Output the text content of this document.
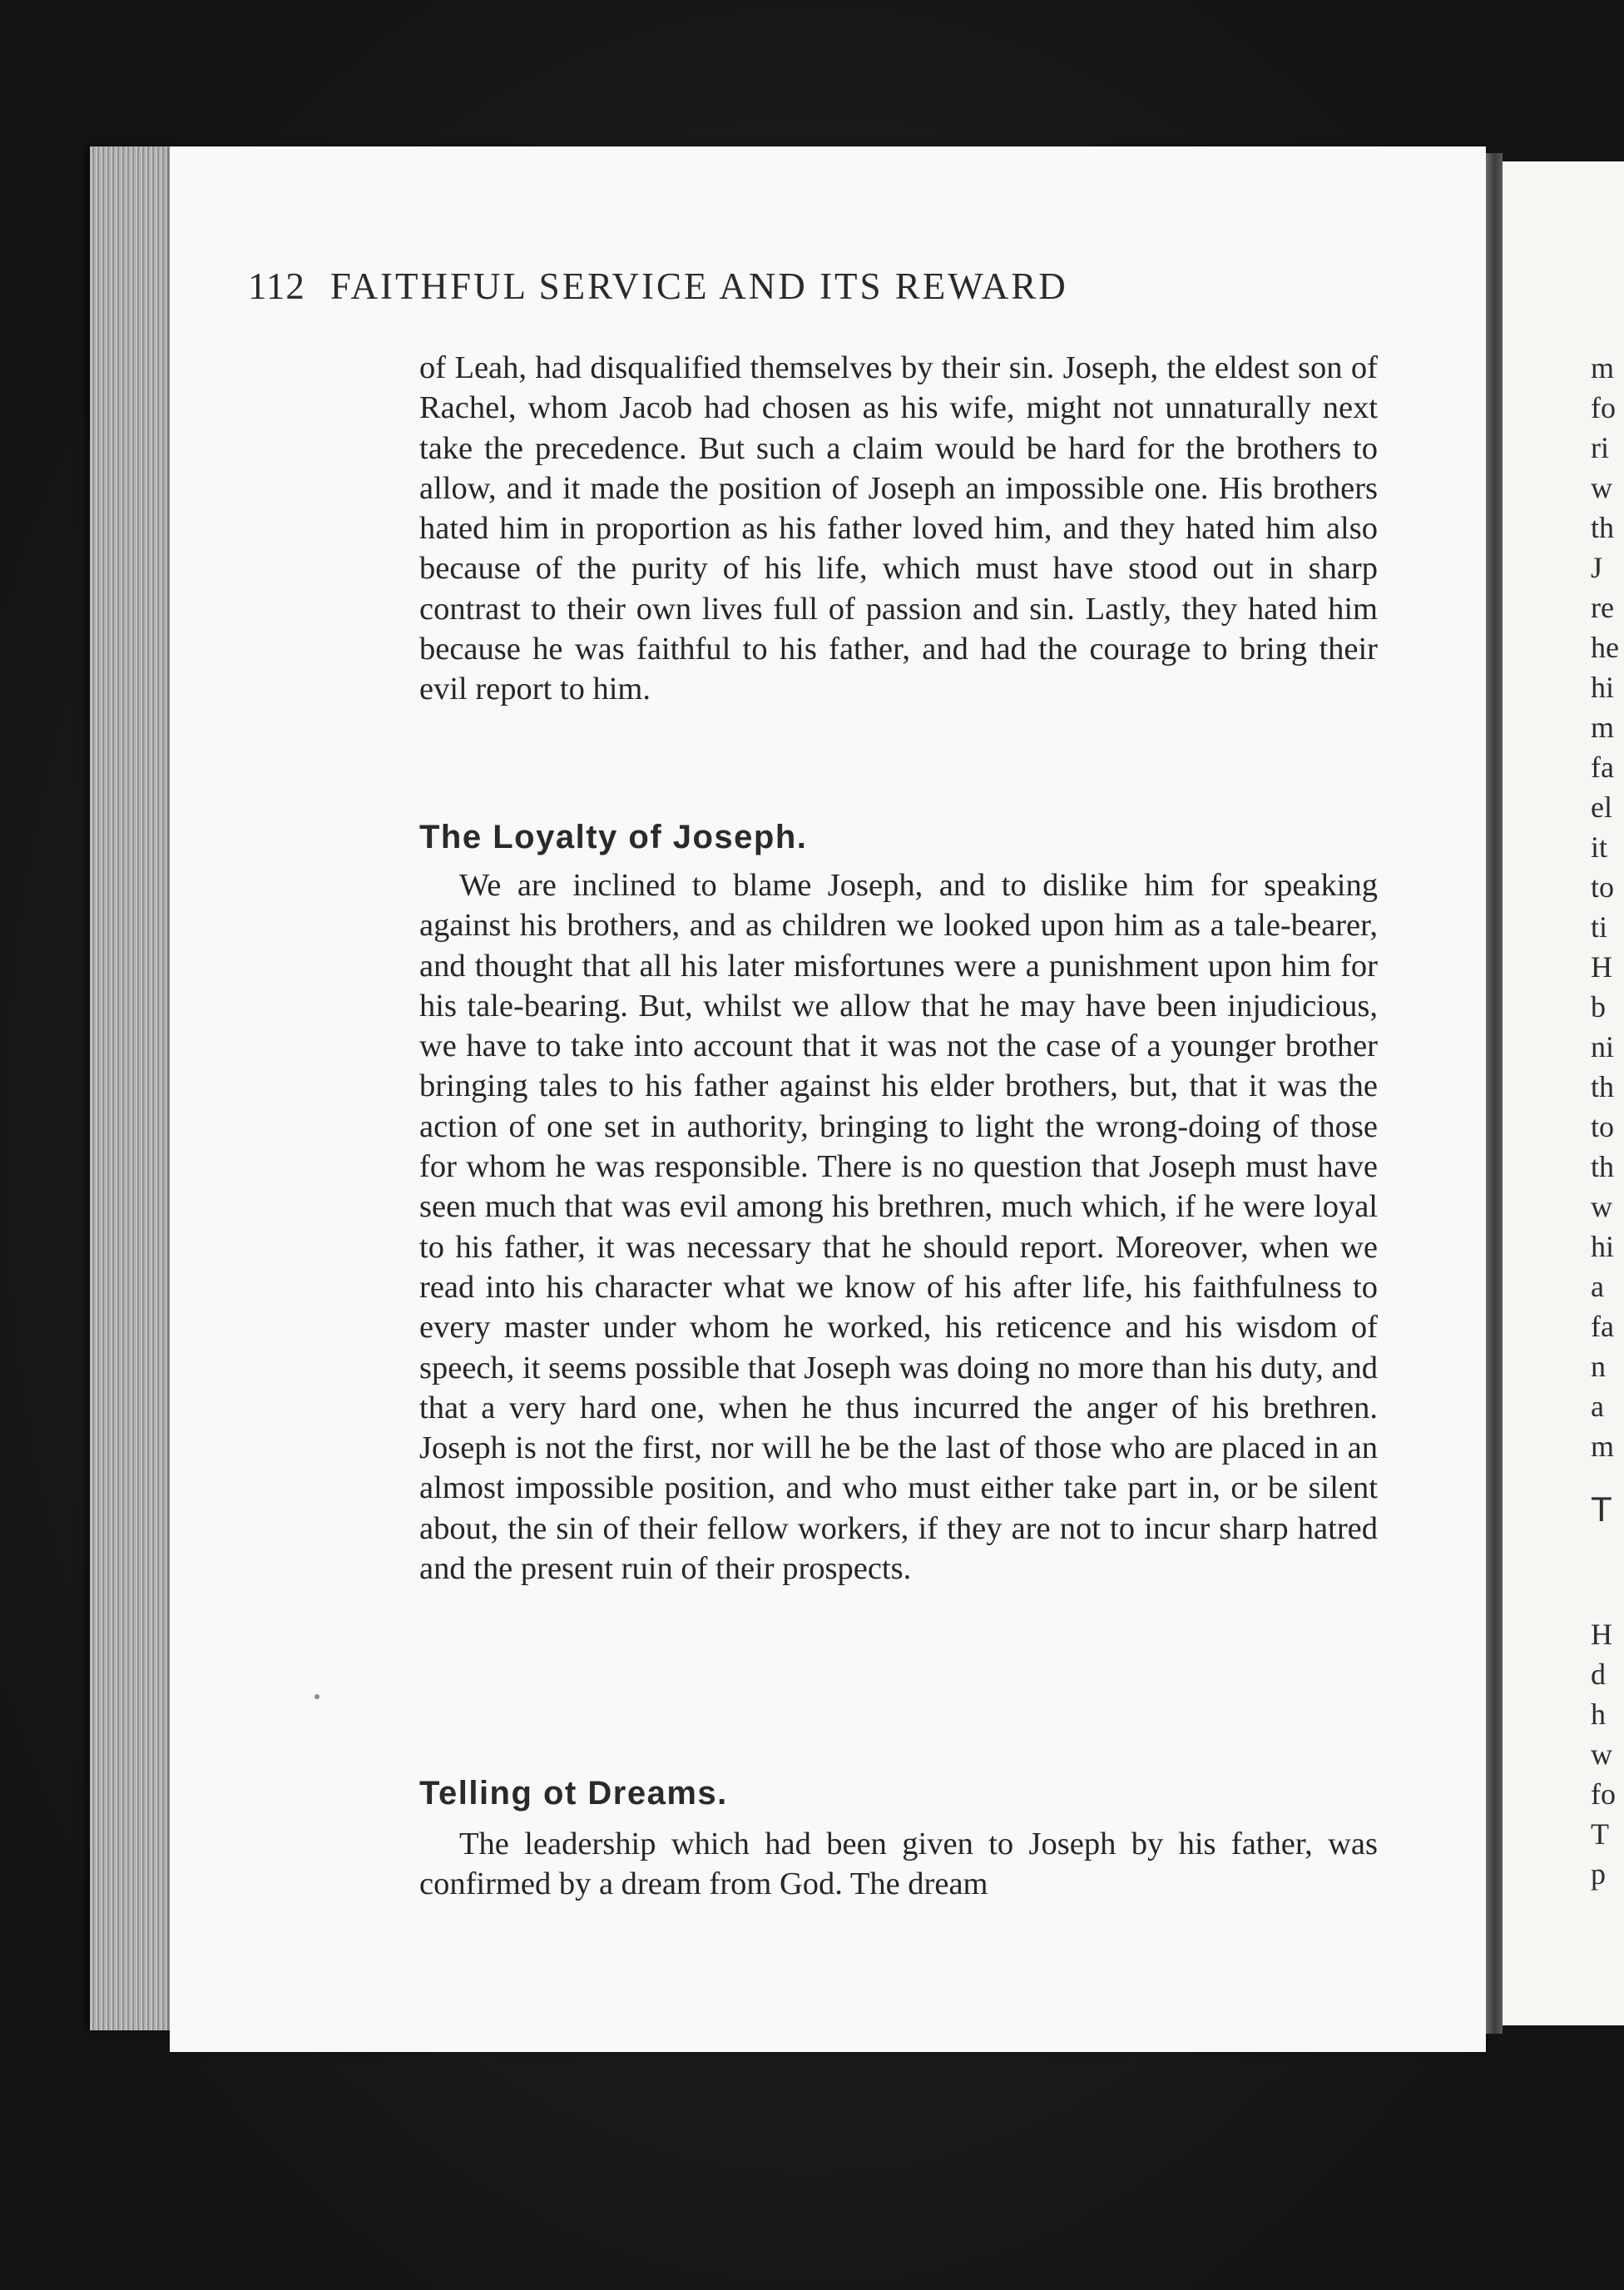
112 FAITHFUL SERVICE AND ITS REWARD

of Leah, had disqualified themselves by their sin. Joseph, the eldest son of Rachel, whom Jacob had chosen as his wife, might not unnaturally next take the precedence. But such a claim would be hard for the brothers to allow, and it made the position of Joseph an impossible one. His brothers hated him in proportion as his father loved him, and they hated him also because of the purity of his life, which must have stood out in sharp contrast to their own lives full of passion and sin. Lastly, they hated him because he was faithful to his father, and had the courage to bring their evil report to him.

The Loyalty of Joseph.

We are inclined to blame Joseph, and to dislike him for speaking against his brothers, and as children we looked upon him as a tale-bearer, and thought that all his later misfortunes were a punishment upon him for his tale-bearing. But, whilst we allow that he may have been injudicious, we have to take into account that it was not the case of a younger brother bringing tales to his father against his elder brothers, but, that it was the action of one set in authority, bringing to light the wrong-doing of those for whom he was responsible. There is no question that Joseph must have seen much that was evil among his brethren, much which, if he were loyal to his father, it was necessary that he should report. Moreover, when we read into his character what we know of his after life, his faithfulness to every master under whom he worked, his reticence and his wisdom of speech, it seems possible that Joseph was doing no more than his duty, and that a very hard one, when he thus incurred the anger of his brethren. Joseph is not the first, nor will he be the last of those who are placed in an almost impossible position, and who must either take part in, or be silent about, the sin of their fellow workers, if they are not to incur sharp hatred and the present ruin of their prospects.

Telling ot Dreams.

The leadership which had been given to Joseph by his father, was confirmed by a dream from God. The dream

m
fo
ri
w
th
J
re
he
hi
m
fa
el
it
to
ti
H
b
ni
th
to
th
w
hi
a
fa
n
a
m
T
H
d
h
w
fo
T
p
